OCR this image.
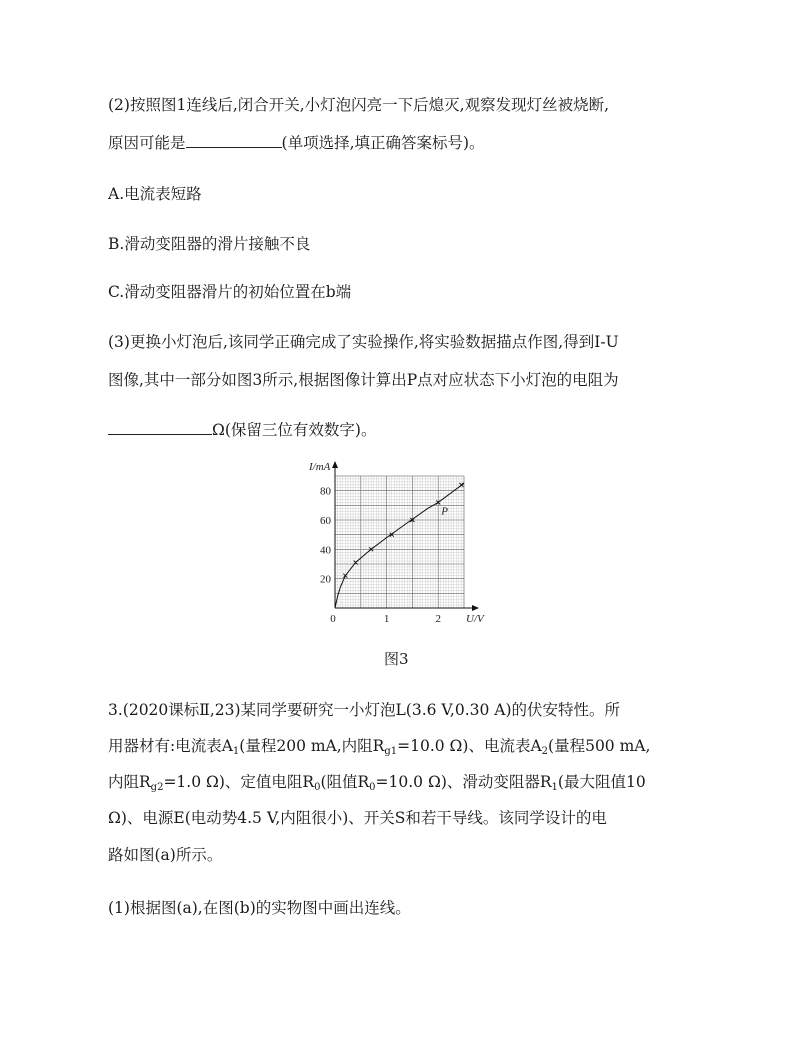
(2)按照图1连线后,闭合开关,小灯泡闪亮一下后熄灭,观察发现灯丝被烧断,
原因可能是	(单项选择,填正确答案标号)。
A.电流表短路
B.滑动变阻器的滑片接触不良
C.滑动变阻器滑片的初始位置在b端
(3)更换小灯泡后,该同学正确完成了实验操作,将实验数据描点作图,得到I-U
图像,其中一部分如图3所示,根据图像计算出P点对应状态下小灯泡的电阻为
Ω(保留三位有效数字)。
20
40
60
80
1	2
I/mA
U/V
0
P
图3
3.(2020课标Ⅱ,23)某同学要研究一小灯泡L(3.6 V,0.30 A)的伏安特性。所
用器材有:电流表$A_1$(量程200 mA,内阻$R_{g1}=10.0$ Ω)、电流表$A_2$(量程500 mA,
内阻$R_{g2}=1.0$ Ω)、定值电阻$R_0$(阻值$R_0=10.0$ Ω)、滑动变阻器$R_1$(最大阻值10
Ω)、电源E(电动势4.5 V,内阻很小)、开关S和若干导线。该同学设计的电
路如图(a)所示。
(1)根据图(a),在图(b)的实物图中画出连线。
